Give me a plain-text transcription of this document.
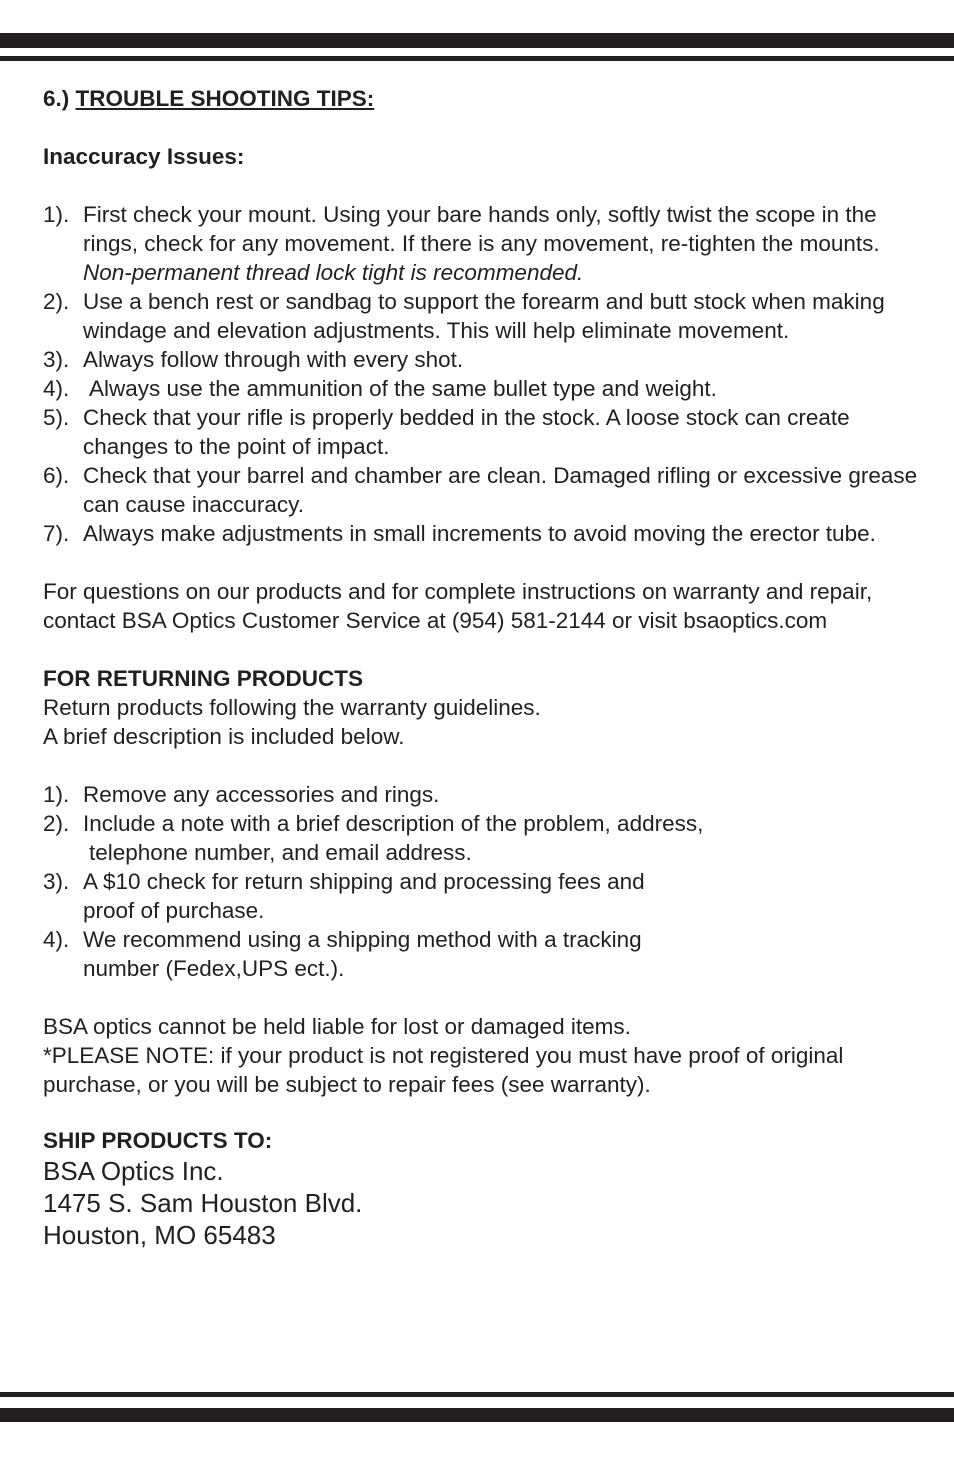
6.) TROUBLE SHOOTING TIPS:

Inaccuracy Issues:

1). First check your mount. Using your bare hands only, softly twist the scope in the rings, check for any movement. If there is any movement, re-tighten the mounts. Non-permanent thread lock tight is recommended.
2). Use a bench rest or sandbag to support the forearm and butt stock when making windage and elevation adjustments. This will help eliminate movement.
3). Always follow through with every shot.
4). Always use the ammunition of the same bullet type and weight.
5). Check that your rifle is properly bedded in the stock. A loose stock can create changes to the point of impact.
6). Check that your barrel and chamber are clean. Damaged rifling or excessive grease can cause inaccuracy.
7). Always make adjustments in small increments to avoid moving the erector tube.

For questions on our products and for complete instructions on warranty and repair, contact BSA Optics Customer Service at (954) 581-2144 or visit bsaoptics.com

FOR RETURNING PRODUCTS

Return products following the warranty guidelines.

A brief description is included below.

1). Remove any accessories and rings.
2). Include a note with a brief description of the problem, address,
telephone number, and email address.
3). A $10 check for return shipping and processing fees and
proof of purchase.
4). We recommend using a shipping method with a tracking
number (Fedex,UPS ect.).

BSA optics cannot be held liable for lost or damaged items.

*PLEASE NOTE: if your product is not registered you must have proof of original purchase, or you will be subject to repair fees (see warranty).

SHIP PRODUCTS TO:

BSA Optics Inc.
1475 S. Sam Houston Blvd.
Houston, MO 65483
